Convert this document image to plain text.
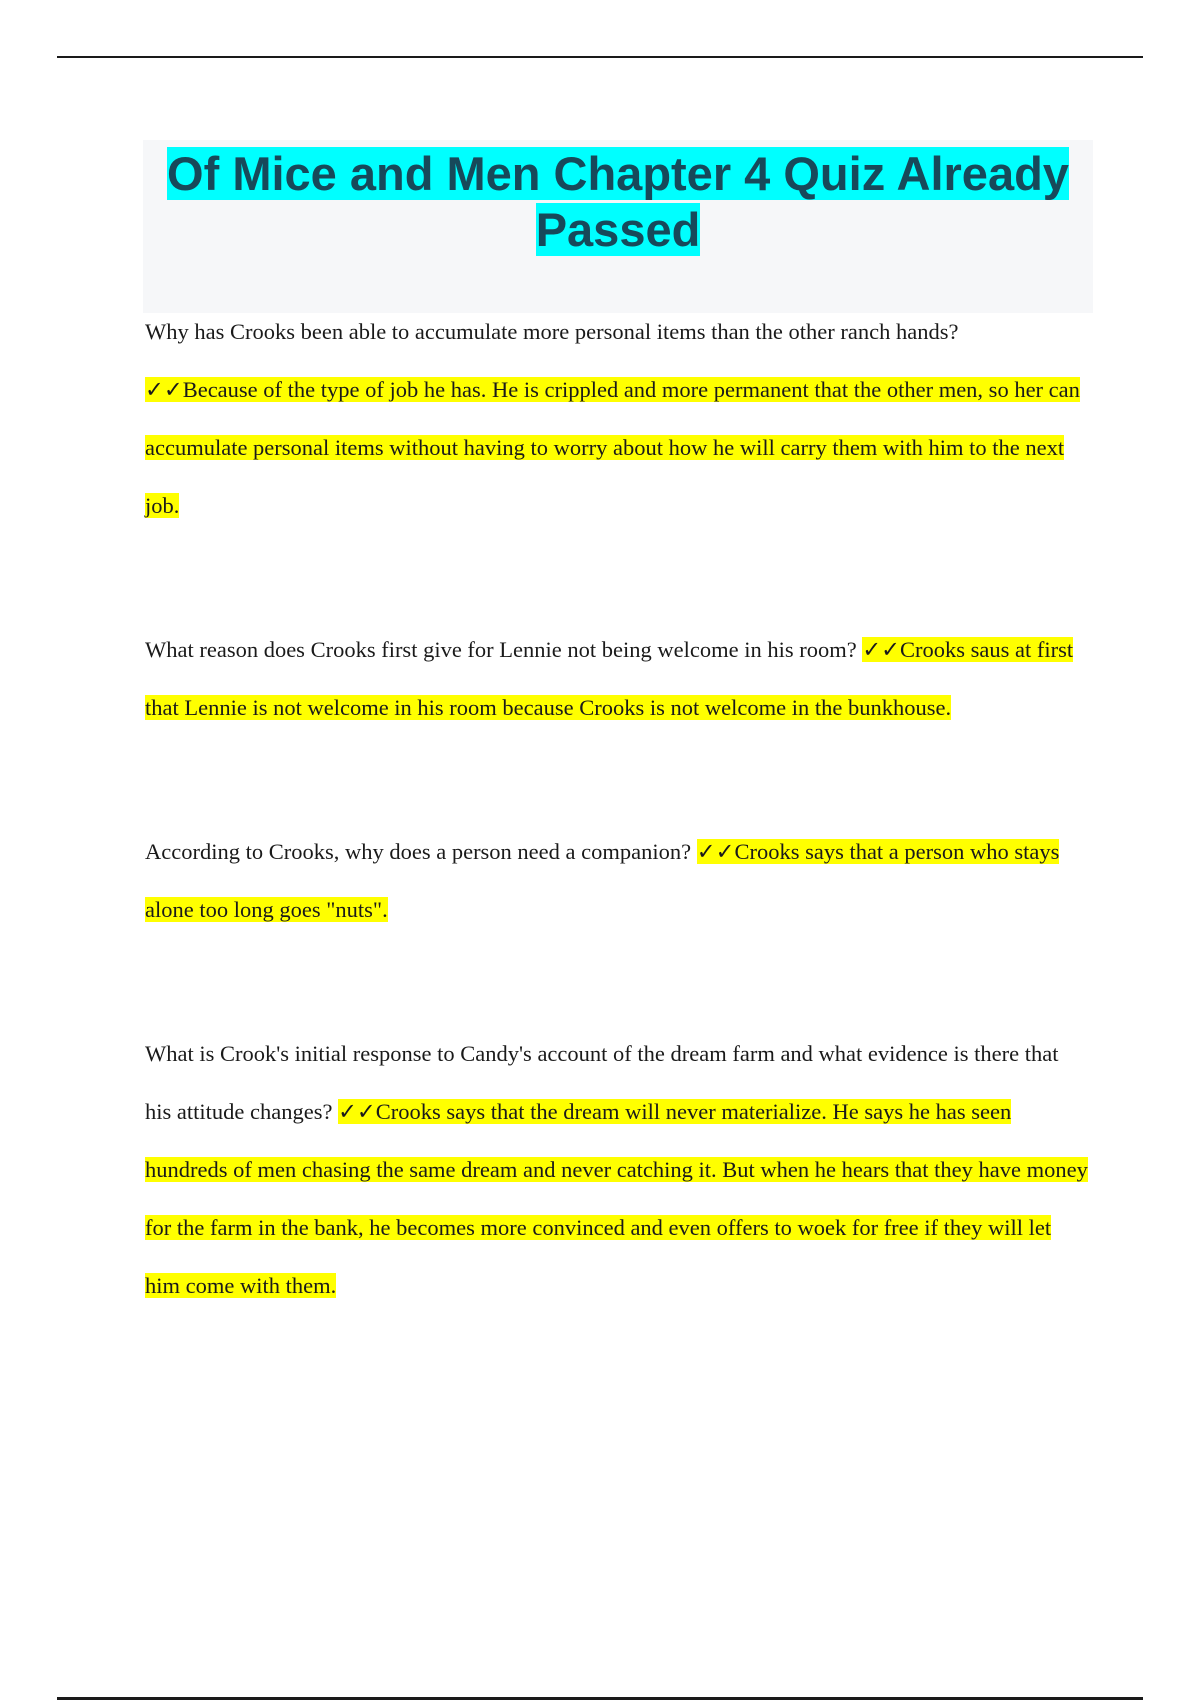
Of Mice and Men Chapter 4 Quiz Already Passed

Why has Crooks been able to accumulate more personal items than the other ranch hands?
✓✓Because of the type of job he has. He is crippled and more permanent that the other men, so her can accumulate personal items without having to worry about how he will carry them with him to the next job.

What reason does Crooks first give for Lennie not being welcome in his room? ✓✓Crooks saus at first that Lennie is not welcome in his room because Crooks is not welcome in the bunkhouse.

According to Crooks, why does a person need a companion? ✓✓Crooks says that a person who stays alone too long goes "nuts".

What is Crook's initial response to Candy's account of the dream farm and what evidence is there that his attitude changes? ✓✓Crooks says that the dream will never materialize. He says he has seen hundreds of men chasing the same dream and never catching it. But when he hears that they have money for the farm in the bank, he becomes more convinced and even offers to woek for free if they will let him come with them.
